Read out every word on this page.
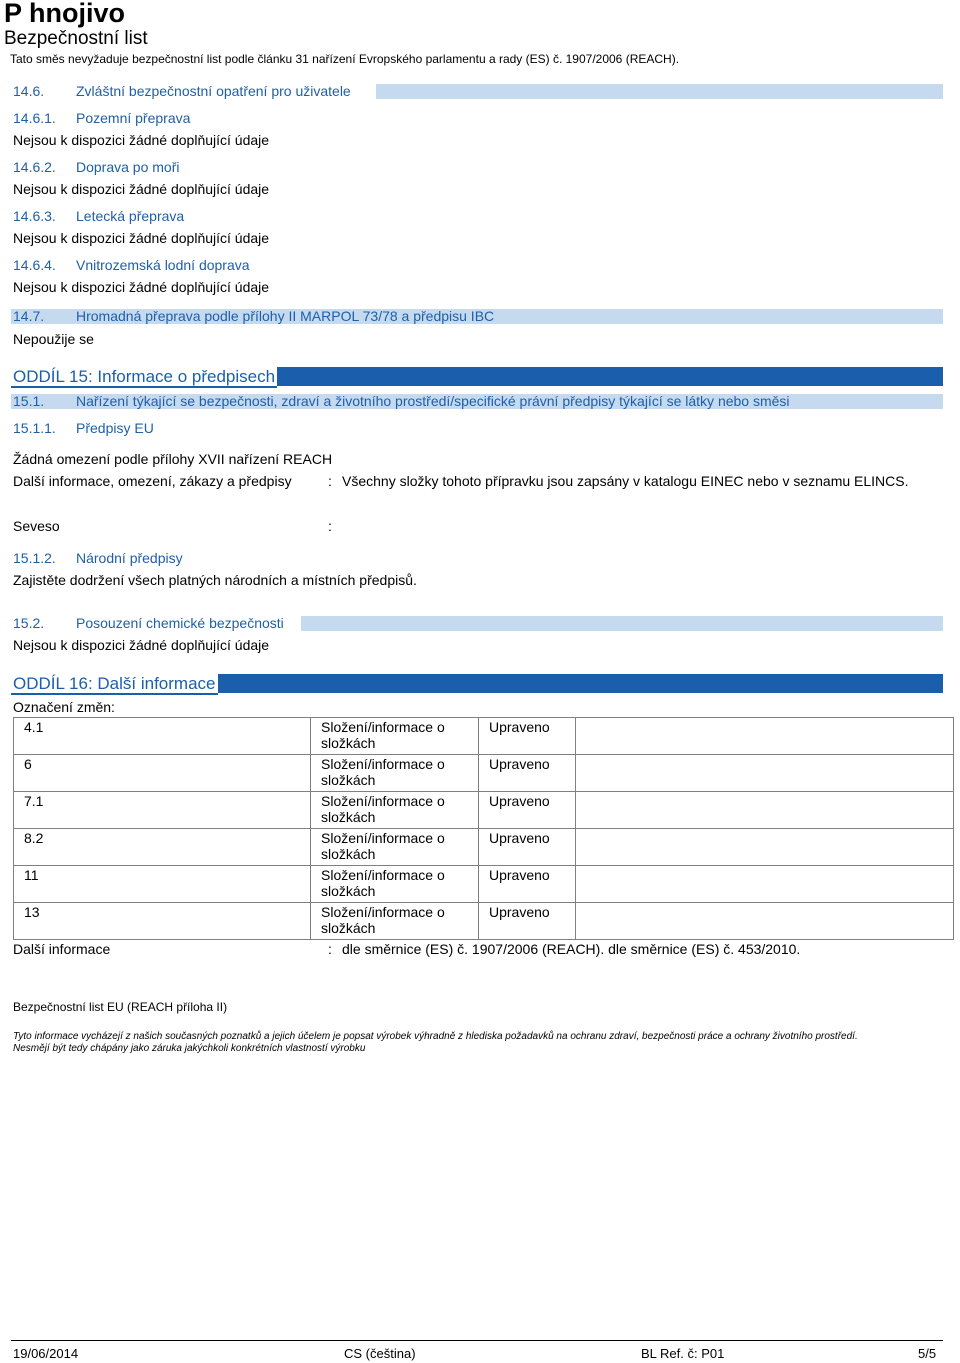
P hnojivo
Bezpečnostní list
Tato směs nevyžaduje bezpečnostní list podle článku 31 nařízení Evropského parlamentu a rady (ES) č. 1907/2006 (REACH).
14.6. Zvláštní bezpečnostní opatření pro uživatele
14.6.1. Pozemní přeprava
Nejsou k dispozici žádné doplňující údaje
14.6.2. Doprava po moři
Nejsou k dispozici žádné doplňující údaje
14.6.3. Letecká přeprava
Nejsou k dispozici žádné doplňující údaje
14.6.4. Vnitrozemská lodní doprava
Nejsou k dispozici žádné doplňující údaje
14.7. Hromadná přeprava podle přílohy II MARPOL 73/78 a předpisu IBC
Nepoužije se
ODDÍL 15: Informace o předpisech
15.1. Nařízení týkající se bezpečnosti, zdraví a životního prostředí/specifické právní předpisy týkající se látky nebo směsi
15.1.1. Předpisy EU
Žádná omezení podle přílohy XVII nařízení REACH
Další informace, omezení, zákazy a předpisy	: Všechny složky tohoto přípravku jsou zapsány v katalogu EINEC nebo v seznamu ELINCS.
Seveso	:
15.1.2. Národní předpisy
Zajistěte dodržení všech platných národních a místních předpisů.
15.2. Posouzení chemické bezpečnosti
Nejsou k dispozici žádné doplňující údaje
ODDÍL 16: Další informace
Označení změn:
4.1	Složení/informace o složkách	Upraveno	
6	Složení/informace o složkách	Upraveno	
7.1	Složení/informace o složkách	Upraveno	
8.2	Složení/informace o složkách	Upraveno	
11	Složení/informace o složkách	Upraveno	
13	Složení/informace o složkách	Upraveno	
Další informace	: dle směrnice (ES) č. 1907/2006 (REACH). dle směrnice (ES) č. 453/2010.
Bezpečnostní list EU (REACH příloha II)
Tyto informace vycházejí z našich současných poznatků a jejich účelem je popsat výrobek výhradně z hlediska požadavků na ochranu zdraví, bezpečnosti práce a ochrany životního prostředí.
Nesmějí být tedy chápány jako záruka jakýchkoli konkrétních vlastností výrobku
19/06/2014	CS (čeština)	BL Ref. č: P01	5/5
